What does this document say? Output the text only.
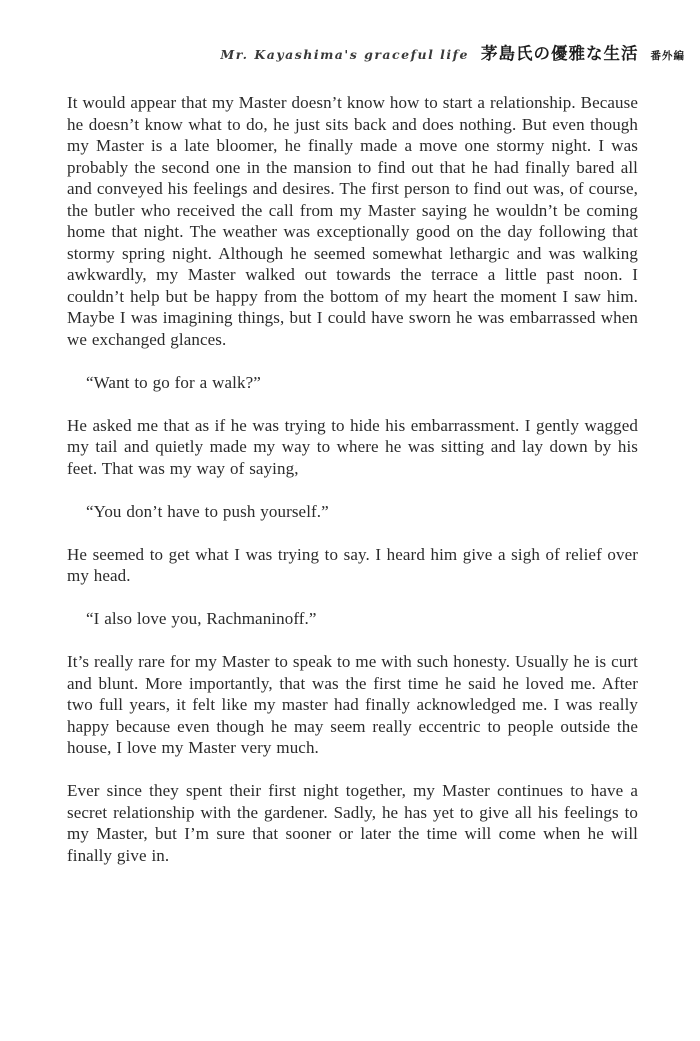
Mr. Kayashima's graceful life 茅島氏の優雅な生活 番外編

It would appear that my Master doesn’t know how to start a relationship. Because he doesn’t know what to do, he just sits back and does nothing. But even though my Master is a late bloomer, he finally made a move one stormy night. I was probably the second one in the mansion to find out that he had finally bared all and conveyed his feelings and desires. The first person to find out was, of course, the butler who received the call from my Master saying he wouldn’t be coming home that night. The weather was exceptionally good on the day following that stormy spring night. Although he seemed somewhat lethargic and was walking awkwardly, my Master walked out towards the terrace a little past noon. I couldn’t help but be happy from the bottom of my heart the moment I saw him. Maybe I was imagining things, but I could have sworn he was embarrassed when we exchanged glances.

“Want to go for a walk?”

He asked me that as if he was trying to hide his embarrassment. I gently wagged my tail and quietly made my way to where he was sitting and lay down by his feet. That was my way of saying,

“You don’t have to push yourself.”

He seemed to get what I was trying to say. I heard him give a sigh of relief over my head.

“I also love you, Rachmaninoff.”

It’s really rare for my Master to speak to me with such honesty. Usually he is curt and blunt. More importantly, that was the first time he said he loved me. After two full years, it felt like my master had finally acknowledged me. I was really happy because even though he may seem really eccentric to people outside the house, I love my Master very much.

Ever since they spent their first night together, my Master continues to have a secret relationship with the gardener. Sadly, he has yet to give all his feelings to my Master, but I’m sure that sooner or later the time will come when he will finally give in.
